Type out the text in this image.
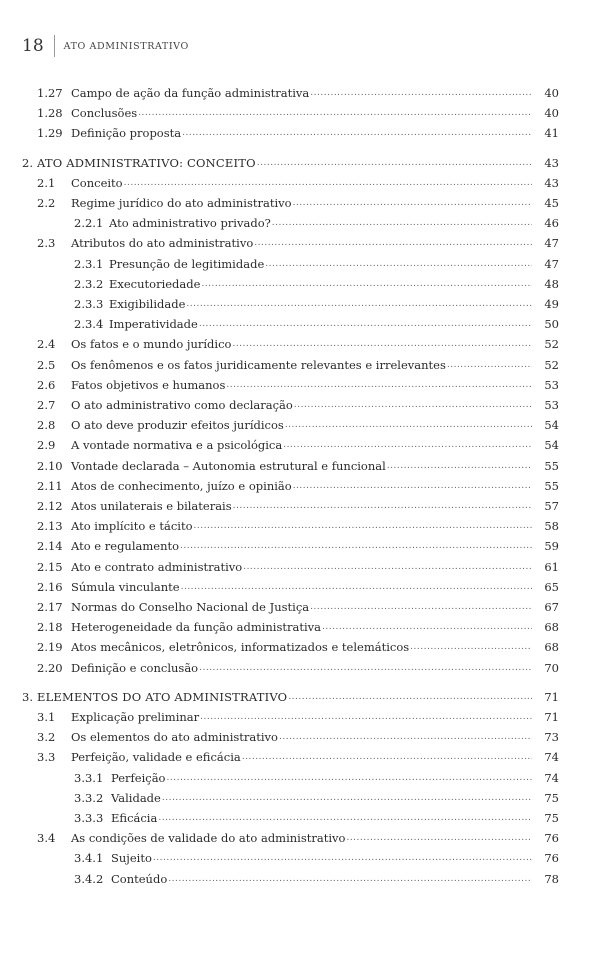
18 ATO ADMINISTRATIVO
1.27 Campo de ação da função administrativa .....	40
1.28 Conclusões .....	40
1.29 Definição proposta .....	41
2. ATO ADMINISTRATIVO: CONCEITO .....	43
2.1 Conceito .....	43
2.2 Regime jurídico do ato administrativo .....	45
2.2.1 Ato administrativo privado? .....	46
2.3 Atributos do ato administrativo .....	47
2.3.1 Presunção de legitimidade .....	47
2.3.2 Executoriedade .....	48
2.3.3 Exigibilidade .....	49
2.3.4 Imperatividade .....	50
2.4 Os fatos e o mundo jurídico .....	52
2.5 Os fenômenos e os fatos juridicamente relevantes e irrelevantes .....	52
2.6 Fatos objetivos e humanos .....	53
2.7 O ato administrativo como declaração .....	53
2.8 O ato deve produzir efeitos jurídicos .....	54
2.9 A vontade normativa e a psicológica .....	54
2.10 Vontade declarada – Autonomia estrutural e funcional .....	55
2.11 Atos de conhecimento, juízo e opinião .....	55
2.12 Atos unilaterais e bilaterais .....	57
2.13 Ato implícito e tácito .....	58
2.14 Ato e regulamento .....	59
2.15 Ato e contrato administrativo .....	61
2.16 Súmula vinculante .....	65
2.17 Normas do Conselho Nacional de Justiça .....	67
2.18 Heterogeneidade da função administrativa .....	68
2.19 Atos mecânicos, eletrônicos, informatizados e telemáticos .....	68
2.20 Definição e conclusão .....	70
3. ELEMENTOS DO ATO ADMINISTRATIVO .....	71
3.1 Explicação preliminar .....	71
3.2 Os elementos do ato administrativo .....	73
3.3 Perfeição, validade e eficácia .....	74
3.3.1 Perfeição .....	74
3.3.2 Validade .....	75
3.3.3 Eficácia .....	75
3.4 As condições de validade do ato administrativo .....	76
3.4.1 Sujeito .....	76
3.4.2 Conteúdo .....	78
